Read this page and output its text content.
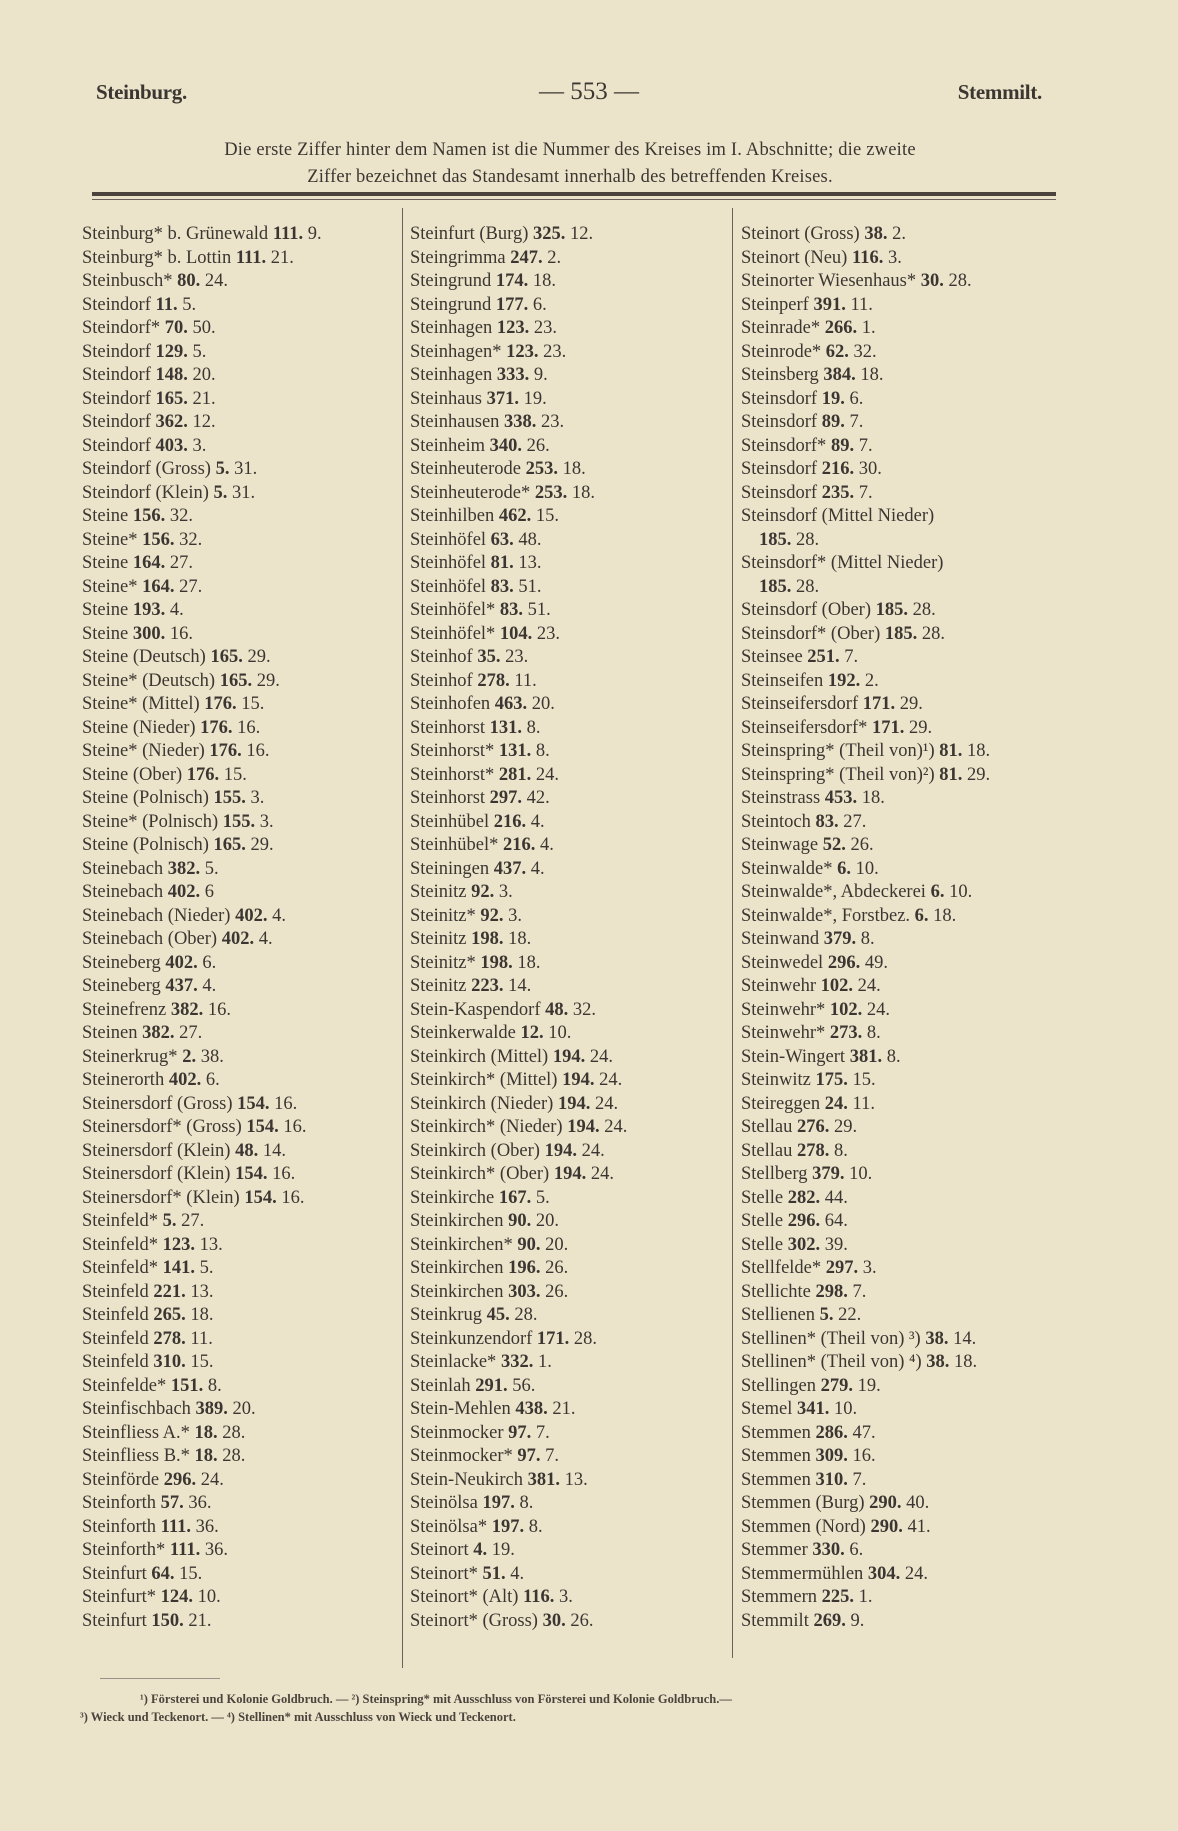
Steinburg.	— 553 —	Stemmilt.
Die erste Ziffer hinter dem Namen ist die Nummer des Kreises im I. Abschnitte; die zweite
Ziffer bezeichnet das Standesamt innerhalb des betreffenden Kreises.
Steinburg* b. Grünewald 111. 9.
Steinburg* b. Lottin 111. 21.
Steinbusch* 80. 24.
Steindorf 11. 5.
Steindorf* 70. 50.
Steindorf 129. 5.
Steindorf 148. 20.
Steindorf 165. 21.
Steindorf 362. 12.
Steindorf 403. 3.
Steindorf (Gross) 5. 31.
Steindorf (Klein) 5. 31.
Steine 156. 32.
Steine* 156. 32.
Steine 164. 27.
Steine* 164. 27.
Steine 193. 4.
Steine 300. 16.
Steine (Deutsch) 165. 29.
Steine* (Deutsch) 165. 29.
Steine* (Mittel) 176. 15.
Steine (Nieder) 176. 16.
Steine* (Nieder) 176. 16.
Steine (Ober) 176. 15.
Steine (Polnisch) 155. 3.
Steine* (Polnisch) 155. 3.
Steine (Polnisch) 165. 29.
Steinebach 382. 5.
Steinebach 402. 6
Steinebach (Nieder) 402. 4.
Steinebach (Ober) 402. 4.
Steineberg 402. 6.
Steineberg 437. 4.
Steinefrenz 382. 16.
Steinen 382. 27.
Steinerkrug* 2. 38.
Steinerorth 402. 6.
Steinersdorf (Gross) 154. 16.
Steinersdorf* (Gross) 154. 16.
Steinersdorf (Klein) 48. 14.
Steinersdorf (Klein) 154. 16.
Steinersdorf* (Klein) 154. 16.
Steinfeld* 5. 27.
Steinfeld* 123. 13.
Steinfeld* 141. 5.
Steinfeld 221. 13.
Steinfeld 265. 18.
Steinfeld 278. 11.
Steinfeld 310. 15.
Steinfelde* 151. 8.
Steinfischbach 389. 20.
Steinfliess A.* 18. 28.
Steinfliess B.* 18. 28.
Steinförde 296. 24.
Steinforth 57. 36.
Steinforth 111. 36.
Steinforth* 111. 36.
Steinfurt 64. 15.
Steinfurt* 124. 10.
Steinfurt 150. 21.
Steinfurt (Burg) 325. 12.
Steingrimma 247. 2.
Steingrund 174. 18.
Steingrund 177. 6.
Steinhagen 123. 23.
Steinhagen* 123. 23.
Steinhagen 333. 9.
Steinhaus 371. 19.
Steinhausen 338. 23.
Steinheim 340. 26.
Steinheuterode 253. 18.
Steinheuterode* 253. 18.
Steinhilben 462. 15.
Steinhöfel 63. 48.
Steinhöfel 81. 13.
Steinhöfel 83. 51.
Steinhöfel* 83. 51.
Steinhöfel* 104. 23.
Steinhof 35. 23.
Steinhof 278. 11.
Steinhofen 463. 20.
Steinhorst 131. 8.
Steinhorst* 131. 8.
Steinhorst* 281. 24.
Steinhorst 297. 42.
Steinhübel 216. 4.
Steinhübel* 216. 4.
Steiningen 437. 4.
Steinitz 92. 3.
Steinitz* 92. 3.
Steinitz 198. 18.
Steinitz* 198. 18.
Steinitz 223. 14.
Stein-Kaspendorf 48. 32.
Steinkerwalde 12. 10.
Steinkirch (Mittel) 194. 24.
Steinkirch* (Mittel) 194. 24.
Steinkirch (Nieder) 194. 24.
Steinkirch* (Nieder) 194. 24.
Steinkirch (Ober) 194. 24.
Steinkirch* (Ober) 194. 24.
Steinkirche 167. 5.
Steinkirchen 90. 20.
Steinkirchen* 90. 20.
Steinkirchen 196. 26.
Steinkirchen 303. 26.
Steinkrug 45. 28.
Steinkunzendorf 171. 28.
Steinlacke* 332. 1.
Steinlah 291. 56.
Stein-Mehlen 438. 21.
Steinmocker 97. 7.
Steinmocker* 97. 7.
Stein-Neukirch 381. 13.
Steinölsa 197. 8.
Steinölsa* 197. 8.
Steinort 4. 19.
Steinort* 51. 4.
Steinort* (Alt) 116. 3.
Steinort* (Gross) 30. 26.
Steinort (Gross) 38. 2.
Steinort (Neu) 116. 3.
Steinorter Wiesenhaus* 30. 28.
Steinperf 391. 11.
Steinrade* 266. 1.
Steinrode* 62. 32.
Steinsberg 384. 18.
Steinsdorf 19. 6.
Steinsdorf 89. 7.
Steinsdorf* 89. 7.
Steinsdorf 216. 30.
Steinsdorf 235. 7.
Steinsdorf (Mittel Nieder)
185. 28.
Steinsdorf* (Mittel Nieder)
185. 28.
Steinsdorf (Ober) 185. 28.
Steinsdorf* (Ober) 185. 28.
Steinsee 251. 7.
Steinseifen 192. 2.
Steinseifersdorf 171. 29.
Steinseifersdorf* 171. 29.
Steinspring* (Theil von)¹) 81. 18.
Steinspring* (Theil von)²) 81. 29.
Steinstrass 453. 18.
Steintoch 83. 27.
Steinwage 52. 26.
Steinwalde* 6. 10.
Steinwalde*, Abdeckerei 6. 10.
Steinwalde*, Forstbez. 6. 18.
Steinwand 379. 8.
Steinwedel 296. 49.
Steinwehr 102. 24.
Steinwehr* 102. 24.
Steinwehr* 273. 8.
Stein-Wingert 381. 8.
Steinwitz 175. 15.
Steireggen 24. 11.
Stellau 276. 29.
Stellau 278. 8.
Stellberg 379. 10.
Stelle 282. 44.
Stelle 296. 64.
Stelle 302. 39.
Stellfelde* 297. 3.
Stellichte 298. 7.
Stellienen 5. 22.
Stellinen* (Theil von) ³) 38. 14.
Stellinen* (Theil von) ⁴) 38. 18.
Stellingen 279. 19.
Stemel 341. 10.
Stemmen 286. 47.
Stemmen 309. 16.
Stemmen 310. 7.
Stemmen (Burg) 290. 40.
Stemmen (Nord) 290. 41.
Stemmer 330. 6.
Stemmermühlen 304. 24.
Stemmern 225. 1.
Stemmilt 269. 9.
¹) Försterei und Kolonie Goldbruch. — ²) Steinspring* mit Ausschluss von Försterei und Kolonie Goldbruch.—
³) Wieck und Teckenort. — ⁴) Stellinen* mit Ausschluss von Wieck und Teckenort.
